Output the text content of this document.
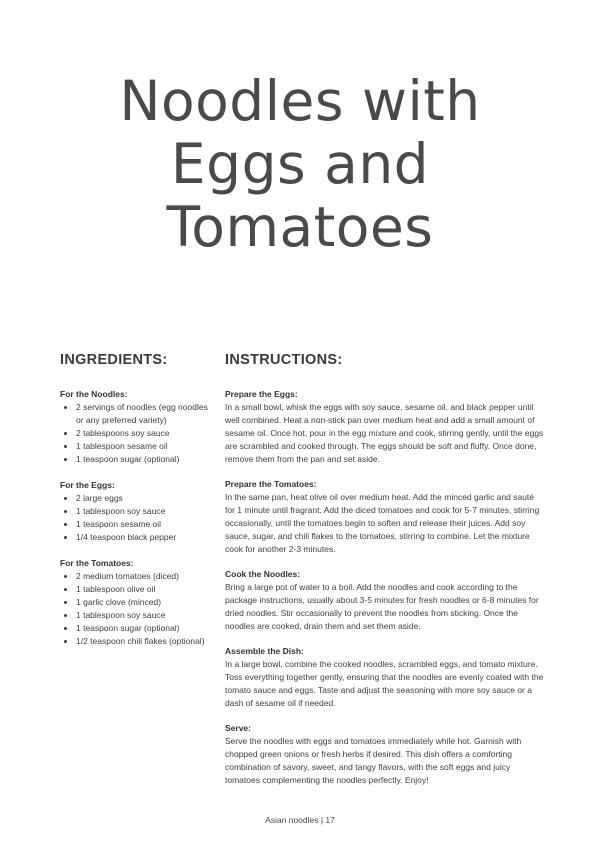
Noodles with
Eggs and
Tomatoes
INGREDIENTS:
For the Noodles:
• 2 servings of noodles (egg noodles or any preferred variety)
• 2 tablespoons soy sauce
• 1 tablespoon sesame oil
• 1 teaspoon sugar (optional)
For the Eggs:
• 2 large eggs
• 1 tablespoon soy sauce
• 1 teaspoon sesame oil
• 1/4 teaspoon black pepper
For the Tomatoes:
• 2 medium tomatoes (diced)
• 1 tablespoon olive oil
• 1 garlic clove (minced)
• 1 tablespoon soy sauce
• 1 teaspoon sugar (optional)
• 1/2 teaspoon chili flakes (optional)
INSTRUCTIONS:
Prepare the Eggs:

In a small bowl, whisk the eggs with soy sauce, sesame oil, and black pepper until well combined. Heat a non-stick pan over medium heat and add a small amount of sesame oil. Once hot, pour in the egg mixture and cook, stirring gently, until the eggs are scrambled and cooked through. The eggs should be soft and fluffy. Once done, remove them from the pan and set aside.

Prepare the Tomatoes:

In the same pan, heat olive oil over medium heat. Add the minced garlic and sauté for 1 minute until fragrant. Add the diced tomatoes and cook for 5-7 minutes, stirring occasionally, until the tomatoes begin to soften and release their juices. Add soy sauce, sugar, and chili flakes to the tomatoes, stirring to combine. Let the mixture cook for another 2-3 minutes.

Cook the Noodles:

Bring a large pot of water to a boil. Add the noodles and cook according to the package instructions, usually about 3-5 minutes for fresh noodles or 6-8 minutes for dried noodles. Stir occasionally to prevent the noodles from sticking. Once the noodles are cooked, drain them and set them aside.

Assemble the Dish:

In a large bowl, combine the cooked noodles, scrambled eggs, and tomato mixture. Toss everything together gently, ensuring that the noodles are evenly coated with the tomato sauce and eggs. Taste and adjust the seasoning with more soy sauce or a dash of sesame oil if needed.

Serve:

Serve the noodles with eggs and tomatoes immediately while hot. Garnish with chopped green onions or fresh herbs if desired. This dish offers a comforting combination of savory, sweet, and tangy flavors, with the soft eggs and juicy tomatoes complementing the noodles perfectly. Enjoy!

Asian noodles | 17
